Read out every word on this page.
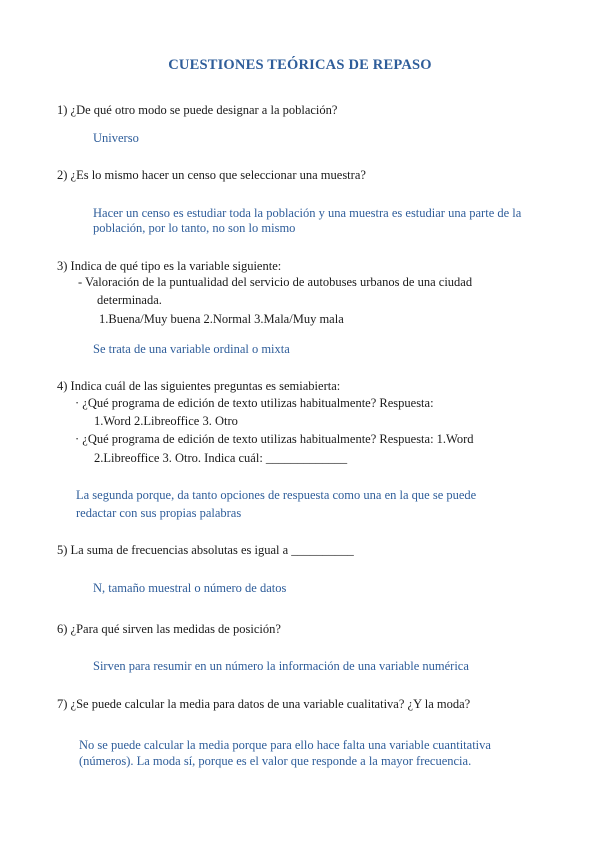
CUESTIONES TEÓRICAS DE REPASO
1) ¿De qué otro modo se puede designar a la población?
Universo
2) ¿Es lo mismo hacer un censo que seleccionar una muestra?
Hacer un censo es estudiar toda la población y una muestra es estudiar una parte de la
población, por lo tanto, no son lo mismo
3) Indica de qué tipo es la variable siguiente:
- Valoración de la puntualidad del servicio de autobuses urbanos de una ciudad
determinada.
1.Buena/Muy buena 2.Normal 3.Mala/Muy mala
Se trata de una variable ordinal o mixta
4) Indica cuál de las siguientes preguntas es semiabierta:
· ¿Qué programa de edición de texto utilizas habitualmente? Respuesta:
1.Word 2.Libreoffice 3. Otro
· ¿Qué programa de edición de texto utilizas habitualmente? Respuesta: 1.Word
2.Libreoffice 3. Otro. Indica cuál: _____________
La segunda porque, da tanto opciones de respuesta como una en la que se puede
redactar con sus propias palabras
5) La suma de frecuencias absolutas es igual a __________
N, tamaño muestral o número de datos
6) ¿Para qué sirven las medidas de posición?
Sirven para resumir en un número la información de una variable numérica
7) ¿Se puede calcular la media para datos de una variable cualitativa? ¿Y la moda?
No se puede calcular la media porque para ello hace falta una variable cuantitativa
(números). La moda sí, porque es el valor que responde a la mayor frecuencia.
